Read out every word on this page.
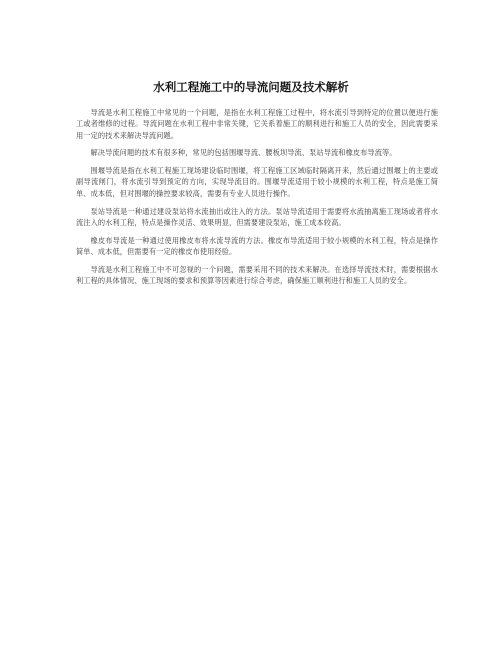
水利工程施工中的导流问题及技术解析

导流是水利工程施工中常见的一个问题，是指在水利工程施工过程中，将水流引导到特定的位置以便进行施工或者维修的过程。导流问题在水利工程中非常关键，它关系着施工的顺利进行和施工人员的安全，因此需要采用一定的技术来解决导流问题。

解决导流问题的技术有很多种，常见的包括围堰导流、腰板坝导流、泵站导流和橡皮布导流等。

围堰导流是指在水利工程施工现场建设临时围堰，将工程施工区域临时隔离开来，然后通过围堰上的主要或副导流闸门，将水流引导到预定的方向，实现导流目的。围堰导流适用于较小规模的水利工程，特点是施工简单、成本低，但对围堰的操控要求较高，需要有专业人员进行操作。

泵站导流是一种通过建设泵站将水流抽出或注入的方法。泵站导流适用于需要将水流抽离施工现场或者将水流注入的水利工程，特点是操作灵活、效果明显，但需要建设泵站，施工成本较高。

橡皮布导流是一种通过使用橡皮布将水流导流的方法。橡皮布导流适用于较小规模的水利工程，特点是操作简单、成本低，但需要有一定的橡皮布使用经验。

导流是水利工程施工中不可忽视的一个问题，需要采用不同的技术来解决。在选择导流技术时，需要根据水利工程的具体情况、施工现场的要求和预算等因素进行综合考虑，确保施工顺利进行和施工人员的安全。
